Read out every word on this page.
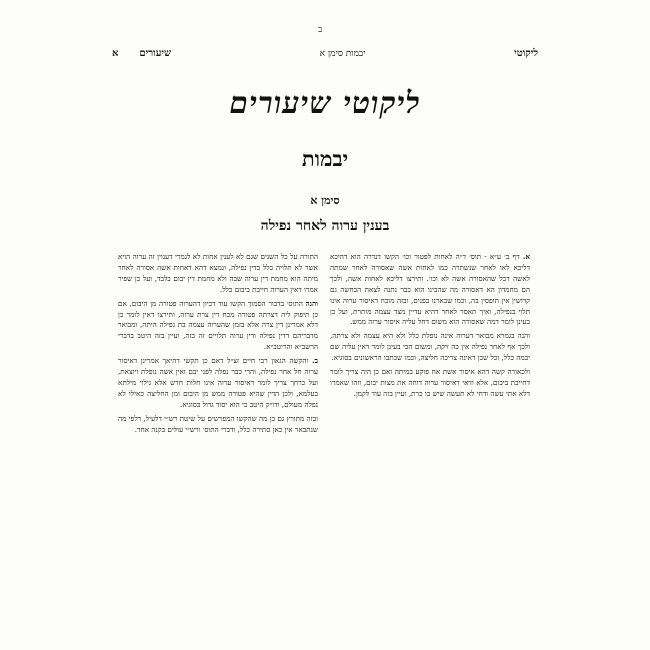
ב
ליקוטי
יבמות סימן א
שיעורים  א
ליקוטי שיעורים
יבמות
סימן א
בענין ערוה לאחר נפילה

א. דף ב׳ ע״א - תוס׳ ד״ה לאחות לפטור וכו׳ הקשו דנדרה הוא דהיכא דליכא לאו לאחר שנשתרה כמו לאחות אשה שאסורה לאחר שמתה לאשה דכל שהאסורה אשה לא וכו׳. ותירצו דליכא לאחות אשה, ולכך הם מחמדון הא דאסורה מה שהבינו הוא כבר נתנה לצאת הכחשה גם קדושין אין תופסין בה, וכמו שבארנו בפנים, ובזה מוכח דאיסור ערוה אינו תלוי בנפילה, ואיך תאסר לאחר דהיא עדיין מצד עצמה מותרת, ועל כן בעינן לומר דמה שאסורה הוא משום דחל עליה איסור ערוה ממש.

והנה בגמרא מבואר דערוה אינה נופלת כלל ולא היא עצמה ולא צרתה, ולכך אף לאחר נפילה אין בה זיקה, ומשום הכי בעינן לומר דאין עליה שם יבמה כלל, וכל שכן דאינה צריכה חליצה, וכמו שכתבו הראשונים בסוגיא.

ולכאורה קשה דהא איסור אשת אח פוקע במיתה ואם כן היה צריך לומר דחייבת ביבום, אלא ודאי דאיסור ערוה דוחה את מצות יבום, וזהו שאמרו דלא אתי עשה ודחי לא תעשה שיש בו כרת, ועיין בזה עוד לקמן.

התורה על כל השנים שגם לא לענין אחות לא לגמרי דענוין זה ערוה הויא אשר לא תלויה כלל בדין נפילה, ונמצא דהא דאחות אשה אסורה לאחר מיתה הוא מחמת דין ערוה שבה ולא מחמת דין יבום בלבד, ועל כן שפיר אמרו דאין הערוה חייבת ביבום כלל.

והנה התוס׳ בדבור הסמוך הקשו עוד דכיון דהערוה פטורה מן היבום, אם כן תיפוק ליה דצרתה פטורה מכח דין צרת ערוה, ותירצו דאין לומר כן דלא אמרינן דין צרה אלא בזמן שהערוה עצמה בת נפילה היתה, ומבואר מדבריהם דדין נפילה ודין ערוה תלויים זה בזה, ועיין בזה היטב בדברי הרשב״א והריטב״א.

ב. והקשה הגאון רבי חיים זצ״ל דאם כן תקשי דהיאך אמרינן דאיסור ערוה חל אחר נפילה, והרי כבר נפלה לפני יבם ואין אשה נופלת ויוצאת, ועל כרחך צריך לומר דאיסור ערוה אינו חלות חדש אלא גילוי מילתא בעלמא, ולכן הדין שהיא פטורה ממש מן היבום ומן החליצה כאילו לא נפלה מעולם, ודו״ק היטב כי הוא יסוד גדול בסוגיא.

ובזה מתורץ גם כן מה שהקשו המפרשים על שיטת רש״י דלעיל, דלפי מה שנתבאר אין כאן סתירה כלל, ודברי התוס׳ ורש״י עולים בקנה אחד.
